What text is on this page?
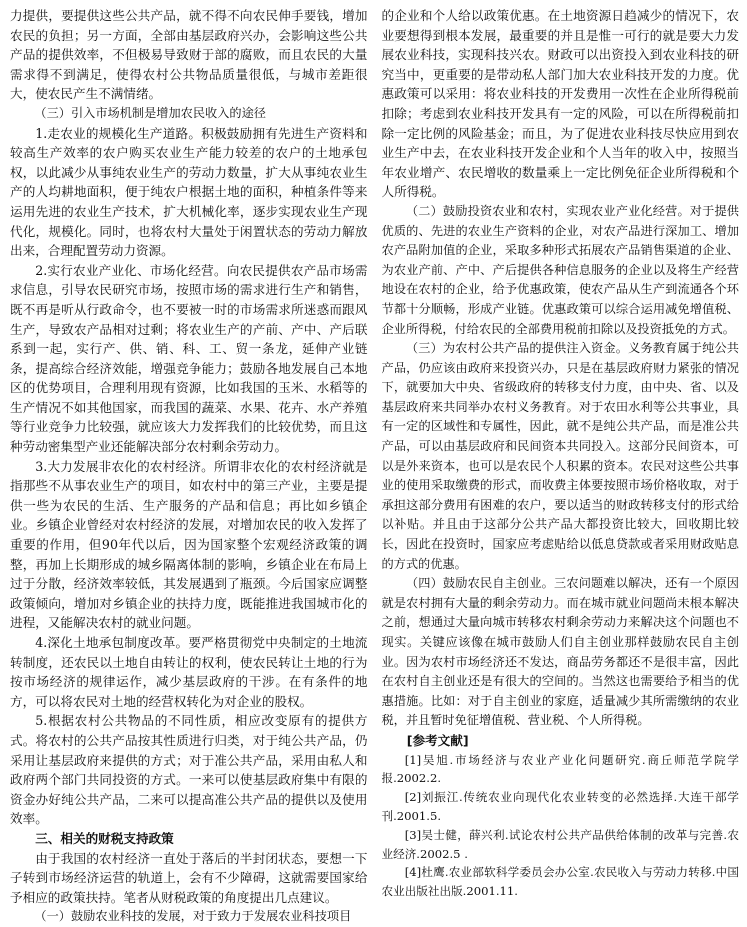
力提供，要提供这些公共产品，就不得不向农民伸手要钱，增加农民的负担；另一方面，全部由基层政府兴办，会影响这些公共产品的提供效率，不但极易导致财于部的腐败，而且农民的大量需求得不到满足，使得农村公共物品质量很低，与城市差距很大，使农民产生不满情绪。

（三）引入市场机制是增加农民收入的途径

1.走农业的规模化生产道路。积极鼓励拥有先进生产资料和较高生产效率的农户购买农业生产能力较差的农户的土地承包权，以此减少从事纯农业生产的劳动力数量，扩大从事纯农业生产的人均耕地面积，便于纯农户根据土地的面积，种植条件等来运用先进的农业生产技术，扩大机械化率，逐步实现农业生产现代化，规模化。同时，也将农村大量处于闲置状态的劳动力解放出来，合理配置劳动力资源。

2.实行农业产业化、市场化经营。向农民提供农产品市场需求信息，引导农民研究市场，按照市场的需求进行生产和销售，既不再是听从行政命令，也不要被一时的市场需求所迷惑而跟风生产，导致农产品相对过剩；将农业生产的产前、产中、产后联系到一起，实行产、供、销、科、工、贸一条龙，延伸产业链条，提高综合经济效能，增强竞争能力；鼓励各地发展自己本地区的优势项目，合理利用现有资源，比如我国的玉米、水稻等的生产情况不如其他国家，而我国的蔬菜、水果、花卉、水产养殖等行业竞争力比较强，就应该大力发挥我们的比较优势，而且这种劳动密集型产业还能解决部分农村剩余劳动力。

3.大力发展非农化的农村经济。所谓非农化的农村经济就是指那些不从事农业生产的项目，如农村中的第三产业，主要是提供一些为农民的生活、生产服务的产品和信息；再比如乡镇企业。乡镇企业曾经对农村经济的发展，对增加农民的收入发挥了重要的作用，但90年代以后，因为国家整个宏观经济政策的调整，再加上长期形成的城乡隔离体制的影响，乡镇企业在布局上过于分散，经济效率较低，其发展遇到了瓶颈。今后国家应调整政策倾向，增加对乡镇企业的扶持力度，既能推进我国城市化的进程，又能解决农村的就业问题。

4.深化土地承包制度改革。要严格贯彻党中央制定的土地流转制度，还农民以土地自由转让的权利，使农民转让土地的行为按市场经济的规律运作，减少基层政府的干涉。在有条件的地方，可以将农民对土地的经营权转化为对企业的股权。

5.根据农村公共物品的不同性质，相应改变原有的提供方式。将农村的公共产品按其性质进行归类，对于纯公共产品，仍采用让基层政府来提供的方式；对于准公共产品，采用由私人和政府两个部门共同投资的方式。一来可以使基层政府集中有限的资金办好纯公共产品，二来可以提高准公共产品的提供以及使用效率。

三、相关的财税支持政策

由于我国的农村经济一直处于落后的半封闭状态，要想一下子转到市场经济运营的轨道上，会有不少障碍，这就需要国家给予相应的政策扶持。笔者从财税政策的角度提出几点建议。

（一）鼓励农业科技的发展，对于致力于发展农业科技项目

的企业和个人给以政策优惠。在土地资源日趋减少的情况下，农业要想得到根本发展，最重要的并且是惟一可行的就是要大力发展农业科技，实现科技兴农。财政可以出资投入到农业科技的研究当中，更重要的是带动私人部门加大农业科技开发的力度。优惠政策可以采用：将农业科技的开发费用一次性在企业所得税前扣除；考虑到农业科技开发具有一定的风险，可以在所得税前扣除一定比例的风险基金；而且，为了促进农业科技尽快应用到农业生产中去，在农业科技开发企业和个人当年的收入中，按照当年农业增产、农民增收的数量乘上一定比例免征企业所得税和个人所得税。

（二）鼓励投资农业和农村，实现农业产业化经营。对于提供优质的、先进的农业生产资料的企业，对农产品进行深加工、增加农产品附加值的企业，采取多种形式拓展农产品销售渠道的企业、为农业产前、产中、产后提供各种信息服务的企业以及将生产经营地设在农村的企业，给予优惠政策，使农产品从生产到流通各个环节都十分顺畅，形成产业链。优惠政策可以综合运用减免增值税、企业所得税，付给农民的全部费用税前扣除以及投资抵免的方式。

（三）为农村公共产品的提供注入资金。义务教育属于纯公共产品，仍应该由政府来投资兴办，只是在基层政府财力紧张的情况下，就要加大中央、省级政府的转移支付力度，由中央、省、以及基层政府来共同举办农村义务教育。对于农田水利等公共事业，具有一定的区域性和专属性，因此，就不是纯公共产品，而是准公共产品，可以由基层政府和民间资本共同投入。这部分民间资本，可以是外来资本，也可以是农民个人积累的资本。农民对这些公共事业的使用采取缴费的形式，而收费主体要按照市场价格收取，对于承担这部分费用有困难的农户，要以适当的财政转移支付的形式给以补贴。并且由于这部分公共产品大都投资比较大，回收期比较长，因此在投资时，国家应考虑贴给以低息贷款或者采用财政贴息的方式的优惠。

（四）鼓励农民自主创业。三农问题难以解决，还有一个原因就是农村拥有大量的剩余劳动力。而在城市就业问题尚未根本解决之前，想通过大量向城市转移农村剩余劳动力来解决这个问题也不现实。关键应该像在城市鼓励人们自主创业那样鼓励农民自主创业。因为农村市场经济还不发达，商品劳务都还不是很丰富，因此在农村自主创业还是有很大的空间的。当然这也需要给予相当的优惠措施。比如：对于自主创业的家庭，适量减少其所需缴纳的农业税，并且暂时免征增值税、营业税、个人所得税。

[参考文献]

[1]吴旭.市场经济与农业产业化问题研究.商丘师范学院学报.2002.2.

[2]刘振江.传统农业向现代化农业转变的必然选择.大连干部学刊.2001.5.

[3]吴士健，薛兴利.试论农村公共产品供给体制的改革与完善.农业经济.2002.5 .

[4]杜鹰.农业部软科学委员会办公室.农民收入与劳动力转移.中国农业出版社出版.2001.11.
